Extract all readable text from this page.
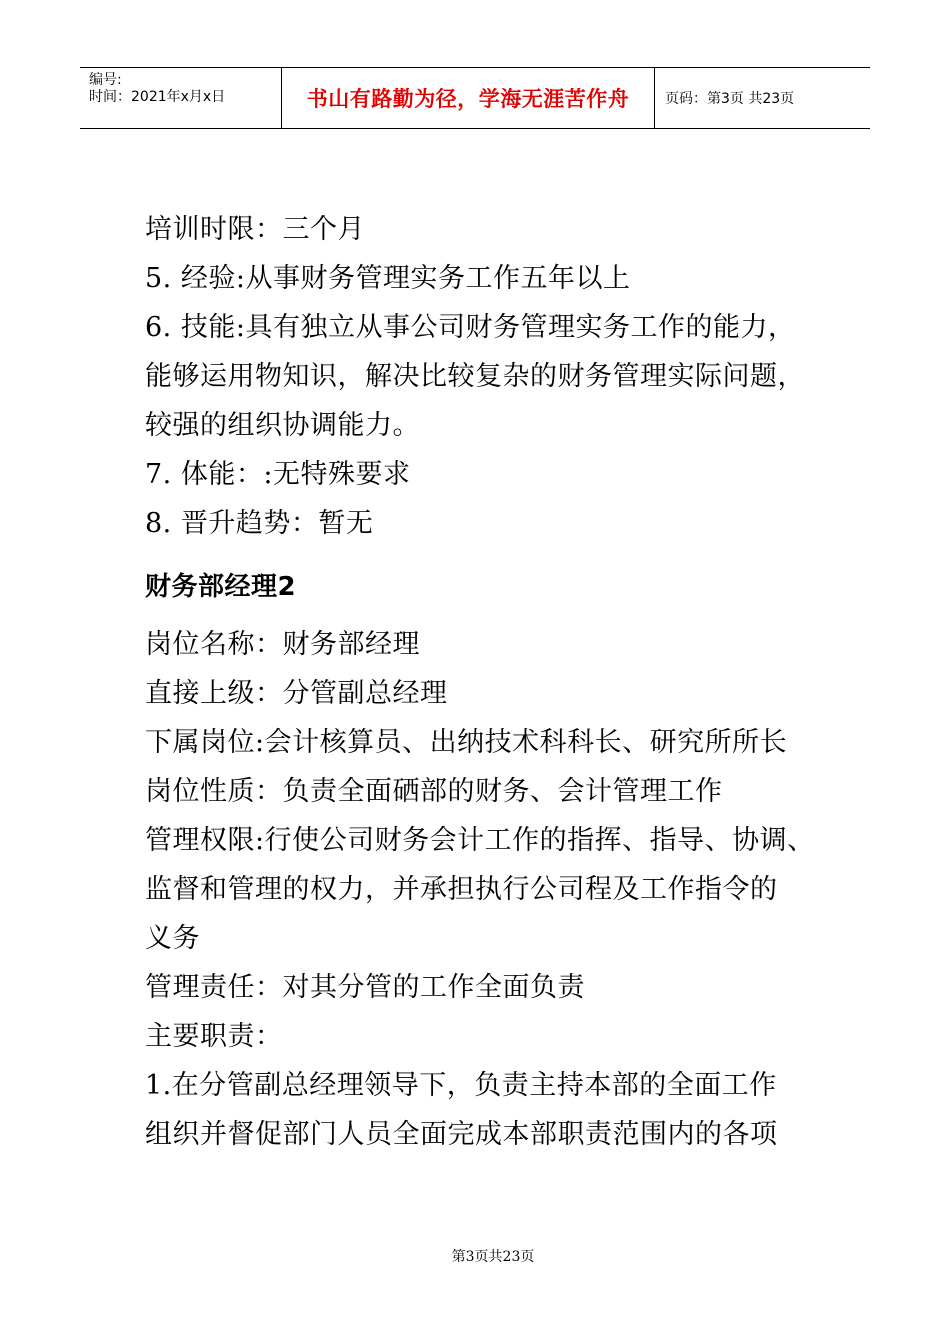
编号:
时间：2021年x月x日	书山有路勤为径，学海无涯苦作舟	页码：第3页 共23页
培训时限：三个月
5. 经验:从事财务管理实务工作五年以上
6. 技能:具有独立从事公司财务管理实务工作的能力，
能够运用物知识，解决比较复杂的财务管理实际问题，
较强的组织协调能力。
7. 体能：:无特殊要求
8. 晋升趋势：暂无
财务部经理2
岗位名称：财务部经理
直接上级：分管副总经理
下属岗位:会计核算员、出纳技术科科长、研究所所长
岗位性质：负责全面硒部的财务、会计管理工作
管理权限:行使公司财务会计工作的指挥、指导、协调、
监督和管理的权力，并承担执行公司程及工作指令的
义务
管理责任：对其分管的工作全面负责
主要职责：
1.在分管副总经理领导下，负责主持本部的全面工作
组织并督促部门人员全面完成本部职责范围内的各项
第3页共23页
